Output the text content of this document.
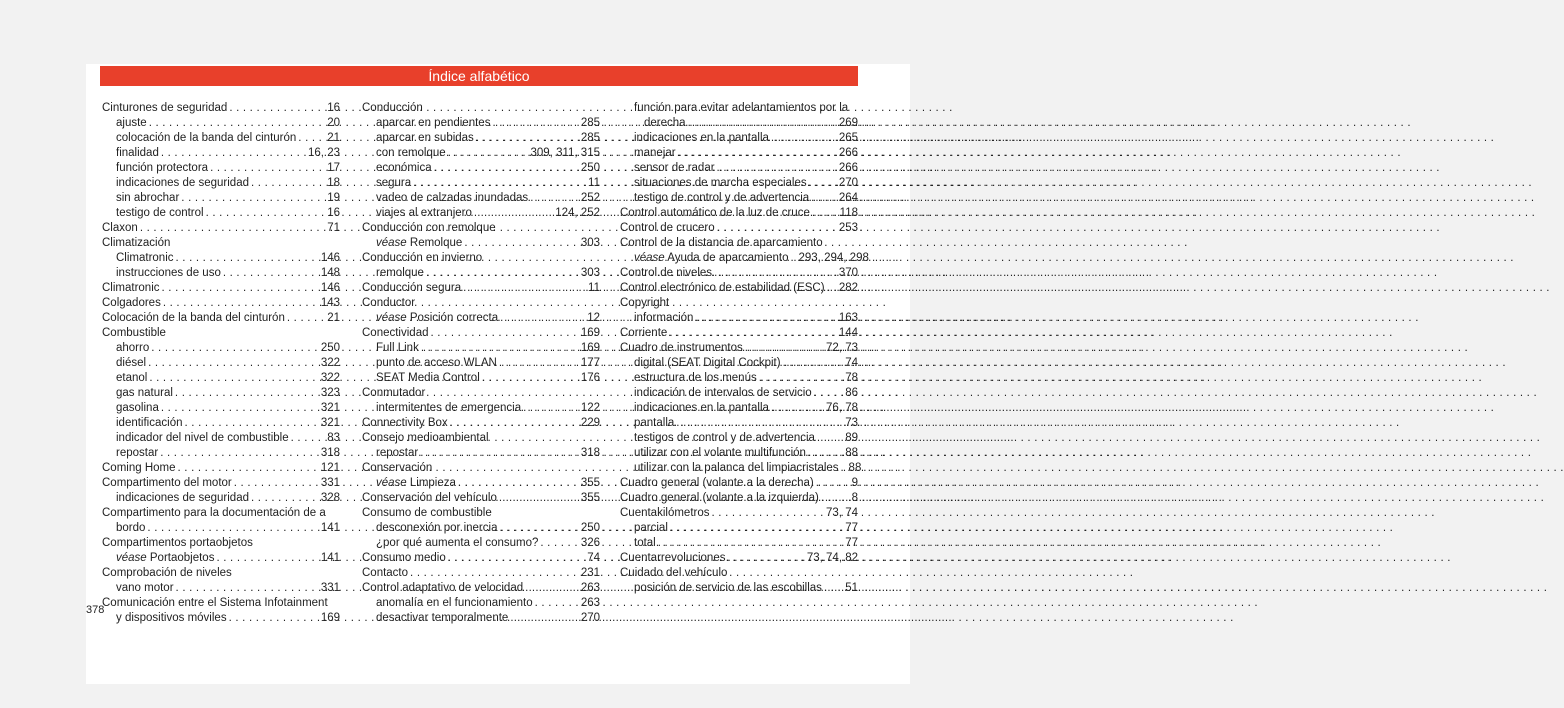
Índice alfabético
Cinturones de seguridad . . .	16
ajuste . . .	20
colocación de la banda del cinturón . . .	21
finalidad . . .	16, 23
función protectora . . .	17
indicaciones de seguridad . . .	18
sin abrochar . . .	19
testigo de control . . .	16
Claxon . . .	71
Climatización
Climatronic . . .	146
instrucciones de uso . . .	148
Climatronic . . .	146
Colgadores . . .	143
Colocación de la banda del cinturón . . .	21
Combustible
ahorro . . .	250
diésel . . .	322
etanol . . .	322
gas natural . . .	323
gasolina . . .	321
identificación . . .	321
indicador del nivel de combustible . . .	83
repostar . . .	318
Coming Home . . .	121
Compartimento del motor . . .	331
indicaciones de seguridad . . .	328
Compartimento para la documentación de a
bordo . . .	141
Compartimentos portaobjetos
véase Portaobjetos . . .	141
Comprobación de niveles
vano motor . . .	331
Comunicación entre el Sistema Infotainment
y dispositivos móviles . . .	169
Conducción
aparcar en pendientes . . .	285
aparcar en subidas . . .	285
con remolque . . .	309, 311, 315
económica . . .	250
segura . . .	11
vadeo de calzadas inundadas . . .	252
viajes al extranjero . . .	124, 252
Conducción con remolque
véase Remolque . . .	303
Conducción en invierno
remolque . . .	303
Conducción segura . . .	11
Conductor
véase Posición correcta . . .	12
Conectividad . . .	169
Full Link . . .	169
punto de acceso WLAN . . .	177
SEAT Media Control . . .	176
Conmutador
intermitentes de emergencia . . .	122
Connectivity Box . . .	229
Consejo medioambiental
repostar . . .	318
Conservación
véase Limpieza . . .	355
Conservación del vehículo . . .	355
Consumo de combustible
desconexión por inercia . . .	250
¿por qué aumenta el consumo? . . .	326
Consumo medio . . .	74
Contacto . . .	231
Control adaptativo de velocidad . . .	263
anomalía en el funcionamiento . . .	263
desactivar temporalmente . . .	270
función para evitar adelantamientos por la
derecha . . .	269
indicaciones en la pantalla . . .	265
manejar . . .	266
sensor de radar . . .	266
situaciones de marcha especiales . . .	270
testigo de control y de advertencia . . .	264
Control automático de la luz de cruce . . .	118
Control de crucero . . .	253
Control de la distancia de aparcamiento
véase Ayuda de aparcamiento . . . 293, 294, 298
Control de niveles . . .	370
Control electrónico de estabilidad (ESC) . . . 282
Copyright
información . . .	163
Corriente . . .	144
Cuadro de instrumentos . . .	72, 73
digital (SEAT Digital Cockpit) . . .	74
estructura de los menús . . .	78
indicación de intervalos de servicio . . .	86
indicaciones en la pantalla . . .	76, 78
pantalla . . .	73
testigos de control y de advertencia . . .	89
utilizar con el volante multifunción . . .	88
utilizar con la palanca del limpiacristales . . . 88
Cuadro general (volante a la derecha) . . .	9
Cuadro general (volante a la izquierda) . . .	8
Cuentakilómetros . . .	73, 74
parcial . . .	77
total . . .	77
Cuentarrevoluciones . . .	73, 74, 82
Cuidado del vehículo
posición de servicio de las escobillas . . . 51
378
